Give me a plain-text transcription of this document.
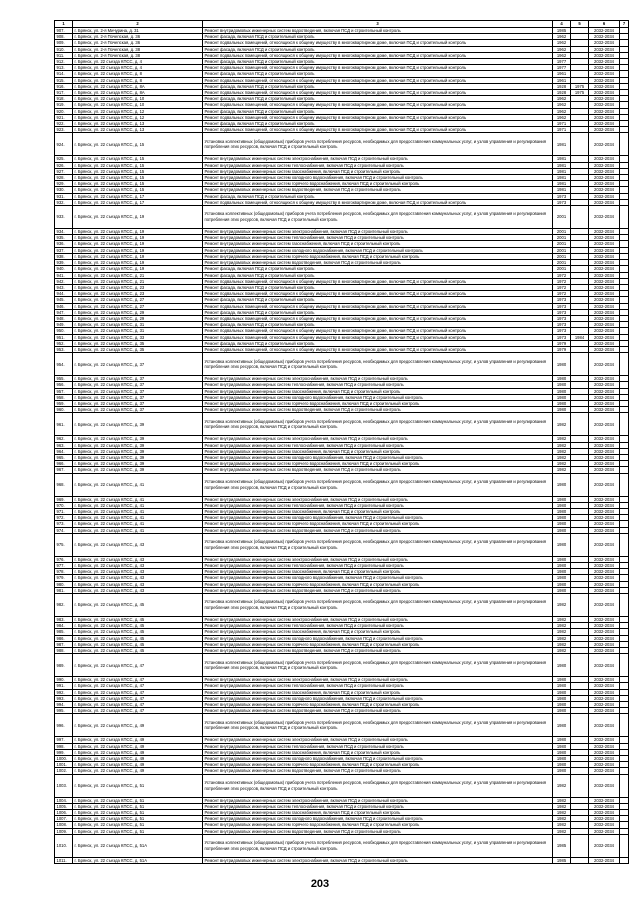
1	2	3	4	5	6	7
907.	г. Брянск, ул. 2-я Мичурина, д. 31	Ремонт внутридомовых инженерных систем водоотведения, включая ПСД и строительный контроль	1985		2032-2034	
908.	г. Брянск, ул. 2-я Почепская, д. 36	Ремонт фасада, включая ПСД и строительный контроль	1962		2032-2034	
909.	г. Брянск, ул. 2-я Почепская, д. 36	Ремонт подвальных помещений, относящихся к общему имуществу в многоквартирном доме, включая ПСД и строительный контроль	1962		2032-2034	
910.	г. Брянск, ул. 2-я Почепская, д. 38	Ремонт фасада, включая ПСД и строительный контроль	1962		2032-2034	
911.	г. Брянск, ул. 2-я Почепская, д. 38	Ремонт подвальных помещений, относящихся к общему имуществу в многоквартирном доме, включая ПСД и строительный контроль	1962		2032-2034	
912.	г. Брянск, ул. 22 съезда КПСС, д. 4	Ремонт фасада, включая ПСД и строительный контроль	1977		2032-2034	
913.	г. Брянск, ул. 22 съезда КПСС, д. 4	Ремонт подвальных помещений, относящихся к общему имуществу в многоквартирном доме, включая ПСД и строительный контроль	1977		2032-2034	
914.	г. Брянск, ул. 22 съезда КПСС, д. 8	Ремонт фасада, включая ПСД и строительный контроль	1961		2032-2034	
915.	г. Брянск, ул. 22 съезда КПСС, д. 8	Ремонт подвальных помещений, относящихся к общему имуществу в многоквартирном доме, включая ПСД и строительный контроль	1961		2032-2034	
916.	г. Брянск, ул. 22 съезда КПСС, д. 8А	Ремонт фасада, включая ПСД и строительный контроль	1928	1975	2032-2034	
917.	г. Брянск, ул. 22 съезда КПСС, д. 8А	Ремонт подвальных помещений, относящихся к общему имуществу в многоквартирном доме, включая ПСД и строительный контроль	1928	1975	2032-2034	
918.	г. Брянск, ул. 22 съезда КПСС, д. 10	Ремонт фасада, включая ПСД и строительный контроль	1962		2032-2034	
919.	г. Брянск, ул. 22 съезда КПСС, д. 10	Ремонт подвальных помещений, относящихся к общему имуществу в многоквартирном доме, включая ПСД и строительный контроль	1962		2032-2034	
920.	г. Брянск, ул. 22 съезда КПСС, д. 12	Ремонт фасада, включая ПСД и строительный контроль	1962		2032-2034	
921.	г. Брянск, ул. 22 съезда КПСС, д. 12	Ремонт подвальных помещений, относящихся к общему имуществу в многоквартирном доме, включая ПСД и строительный контроль	1962		2032-2034	
922.	г. Брянск, ул. 22 съезда КПСС, д. 13	Ремонт фасада, включая ПСД и строительный контроль	1971		2032-2034	
923.	г. Брянск, ул. 22 съезда КПСС, д. 13	Ремонт подвальных помещений, относящихся к общему имуществу в многоквартирном доме, включая ПСД и строительный контроль	1971		2032-2034	
924.	г. Брянск, ул. 22 съезда КПСС, д. 15	Установка коллективных (общедомовых) приборов учета потребления ресурсов, необходимых для предоставления коммунальных услуг, и узлов управления и регулирования потребления этих ресурсов, включая ПСД и строительный контроль	1981		2032-2034	
925.	г. Брянск, ул. 22 съезда КПСС, д. 15	Ремонт внутридомовых инженерных систем электроснабжения, включая ПСД и строительный контроль	1981		2032-2034	
926.	г. Брянск, ул. 22 съезда КПСС, д. 15	Ремонт внутридомовых инженерных систем теплоснабжения, включая ПСД и строительный контроль	1981		2032-2034	
927.	г. Брянск, ул. 22 съезда КПСС, д. 15	Ремонт внутридомовых инженерных систем газоснабжения, включая ПСД и строительный контроль	1981		2032-2034	
928.	г. Брянск, ул. 22 съезда КПСС, д. 15	Ремонт внутридомовых инженерных систем холодного водоснабжения, включая ПСД и строительный контроль	1981		2032-2034	
929.	г. Брянск, ул. 22 съезда КПСС, д. 15	Ремонт внутридомовых инженерных систем горячего водоснабжения, включая ПСД и строительный контроль	1981		2032-2034	
930.	г. Брянск, ул. 22 съезда КПСС, д. 15	Ремонт внутридомовых инженерных систем водоотведения, включая ПСД и строительный контроль	1981		2032-2034	
931.	г. Брянск, ул. 22 съезда КПСС, д. 17	Ремонт фасада, включая ПСД и строительный контроль	1973		2032-2034	
932.	г. Брянск, ул. 22 съезда КПСС, д. 17	Ремонт подвальных помещений, относящихся к общему имуществу в многоквартирном доме, включая ПСД и строительный контроль	1973		2032-2034	
933.	г. Брянск, ул. 22 съезда КПСС, д. 19	Установка коллективных (общедомовых) приборов учета потребления ресурсов, необходимых для предоставления коммунальных услуг, и узлов управления и регулирования потребления этих ресурсов, включая ПСД и строительный контроль	2001		2032-2034	
934.	г. Брянск, ул. 22 съезда КПСС, д. 19	Ремонт внутридомовых инженерных систем электроснабжения, включая ПСД и строительный контроль	2001		2032-2034	
935.	г. Брянск, ул. 22 съезда КПСС, д. 19	Ремонт внутридомовых инженерных систем теплоснабжения, включая ПСД и строительный контроль	2001		2032-2034	
936.	г. Брянск, ул. 22 съезда КПСС, д. 19	Ремонт внутридомовых инженерных систем газоснабжения, включая ПСД и строительный контроль	2001		2032-2034	
937.	г. Брянск, ул. 22 съезда КПСС, д. 19	Ремонт внутридомовых инженерных систем холодного водоснабжения, включая ПСД и строительный контроль	2001		2032-2034	
938.	г. Брянск, ул. 22 съезда КПСС, д. 19	Ремонт внутридомовых инженерных систем горячего водоснабжения, включая ПСД и строительный контроль	2001		2032-2034	
939.	г. Брянск, ул. 22 съезда КПСС, д. 19	Ремонт внутридомовых инженерных систем водоотведения, включая ПСД и строительный контроль	2001		2032-2034	
940.	г. Брянск, ул. 22 съезда КПСС, д. 19	Ремонт фасада, включая ПСД и строительный контроль	2001		2032-2034	
941.	г. Брянск, ул. 22 съезда КПСС, д. 21	Ремонт фасада, включая ПСД и строительный контроль	1972		2032-2034	
942.	г. Брянск, ул. 22 съезда КПСС, д. 21	Ремонт подвальных помещений, относящихся к общему имуществу в многоквартирном доме, включая ПСД и строительный контроль	1972		2032-2034	
943.	г. Брянск, ул. 22 съезда КПСС, д. 23	Ремонт фасада, включая ПСД и строительный контроль	1972		2032-2034	
944.	г. Брянск, ул. 22 съезда КПСС, д. 23	Ремонт подвальных помещений, относящихся к общему имуществу в многоквартирном доме, включая ПСД и строительный контроль	1972		2032-2034	
945.	г. Брянск, ул. 22 съезда КПСС, д. 27	Ремонт фасада, включая ПСД и строительный контроль	1973		2032-2034	
946.	г. Брянск, ул. 22 съезда КПСС, д. 27	Ремонт подвальных помещений, относящихся к общему имуществу в многоквартирном доме, включая ПСД и строительный контроль	1973		2032-2034	
947.	г. Брянск, ул. 22 съезда КПСС, д. 29	Ремонт фасада, включая ПСД и строительный контроль	1973		2032-2034	
948.	г. Брянск, ул. 22 съезда КПСС, д. 29	Ремонт подвальных помещений, относящихся к общему имуществу в многоквартирном доме, включая ПСД и строительный контроль	1973		2032-2034	
949.	г. Брянск, ул. 22 съезда КПСС, д. 31	Ремонт фасада, включая ПСД и строительный контроль	1973		2032-2034	
950.	г. Брянск, ул. 22 съезда КПСС, д. 31	Ремонт подвальных помещений, относящихся к общему имуществу в многоквартирном доме, включая ПСД и строительный контроль	1973		2032-2034	
951.	г. Брянск, ул. 22 съезда КПСС, д. 33	Ремонт подвальных помещений, относящихся к общему имуществу в многоквартирном доме, включая ПСД и строительный контроль	1973	1984	2032-2034	
952.	г. Брянск, ул. 22 съезда КПСС, д. 35	Ремонт фасада, включая ПСД и строительный контроль	1979		2032-2034	
953.	г. Брянск, ул. 22 съезда КПСС, д. 35	Ремонт подвальных помещений, относящихся к общему имуществу в многоквартирном доме, включая ПСД и строительный контроль	1979		2032-2034	
954.	г. Брянск, ул. 22 съезда КПСС, д. 37	Установка коллективных (общедомовых) приборов учета потребления ресурсов, необходимых для предоставления коммунальных услуг, и узлов управления и регулирования потребления этих ресурсов, включая ПСД и строительный контроль	1980		2032-2034	
955.	г. Брянск, ул. 22 съезда КПСС, д. 37	Ремонт внутридомовых инженерных систем электроснабжения, включая ПСД и строительный контроль	1980		2032-2034	
956.	г. Брянск, ул. 22 съезда КПСС, д. 37	Ремонт внутридомовых инженерных систем теплоснабжения, включая ПСД и строительный контроль	1980		2032-2034	
957.	г. Брянск, ул. 22 съезда КПСС, д. 37	Ремонт внутридомовых инженерных систем газоснабжения, включая ПСД и строительный контроль	1980		2032-2034	
958.	г. Брянск, ул. 22 съезда КПСС, д. 37	Ремонт внутридомовых инженерных систем холодного водоснабжения, включая ПСД и строительный контроль	1980		2032-2034	
959.	г. Брянск, ул. 22 съезда КПСС, д. 37	Ремонт внутридомовых инженерных систем горячего водоснабжения, включая ПСД и строительный контроль	1980		2032-2034	
960.	г. Брянск, ул. 22 съезда КПСС, д. 37	Ремонт внутридомовых инженерных систем водоотведения, включая ПСД и строительный контроль	1980		2032-2034	
961.	г. Брянск, ул. 22 съезда КПСС, д. 39	Установка коллективных (общедомовых) приборов учета потребления ресурсов, необходимых для предоставления коммунальных услуг, и узлов управления и регулирования потребления этих ресурсов, включая ПСД и строительный контроль	1982		2032-2034	
962.	г. Брянск, ул. 22 съезда КПСС, д. 39	Ремонт внутридомовых инженерных систем электроснабжения, включая ПСД и строительный контроль	1982		2032-2034	
963.	г. Брянск, ул. 22 съезда КПСС, д. 39	Ремонт внутридомовых инженерных систем теплоснабжения, включая ПСД и строительный контроль	1982		2032-2034	
964.	г. Брянск, ул. 22 съезда КПСС, д. 39	Ремонт внутридомовых инженерных систем газоснабжения, включая ПСД и строительный контроль	1982		2032-2034	
965.	г. Брянск, ул. 22 съезда КПСС, д. 39	Ремонт внутридомовых инженерных систем холодного водоснабжения, включая ПСД и строительный контроль	1982		2032-2034	
966.	г. Брянск, ул. 22 съезда КПСС, д. 39	Ремонт внутридомовых инженерных систем горячего водоснабжения, включая ПСД и строительный контроль	1982		2032-2034	
967.	г. Брянск, ул. 22 съезда КПСС, д. 39	Ремонт внутридомовых инженерных систем водоотведения, включая ПСД и строительный контроль	1982		2032-2034	
968.	г. Брянск, ул. 22 съезда КПСС, д. 41	Установка коллективных (общедомовых) приборов учета потребления ресурсов, необходимых для предоставления коммунальных услуг, и узлов управления и регулирования потребления этих ресурсов, включая ПСД и строительный контроль	1980		2032-2034	
969.	г. Брянск, ул. 22 съезда КПСС, д. 41	Ремонт внутридомовых инженерных систем электроснабжения, включая ПСД и строительный контроль	1980		2032-2034	
970.	г. Брянск, ул. 22 съезда КПСС, д. 41	Ремонт внутридомовых инженерных систем теплоснабжения, включая ПСД и строительный контроль	1980		2032-2034	
971.	г. Брянск, ул. 22 съезда КПСС, д. 41	Ремонт внутридомовых инженерных систем газоснабжения, включая ПСД и строительный контроль	1980		2032-2034	
972.	г. Брянск, ул. 22 съезда КПСС, д. 41	Ремонт внутридомовых инженерных систем холодного водоснабжения, включая ПСД и строительный контроль	1980		2032-2034	
973.	г. Брянск, ул. 22 съезда КПСС, д. 41	Ремонт внутридомовых инженерных систем горячего водоснабжения, включая ПСД и строительный контроль	1980		2032-2034	
974.	г. Брянск, ул. 22 съезда КПСС, д. 41	Ремонт внутридомовых инженерных систем водоотведения, включая ПСД и строительный контроль	1980		2032-2034	
975.	г. Брянск, ул. 22 съезда КПСС, д. 43	Установка коллективных (общедомовых) приборов учета потребления ресурсов, необходимых для предоставления коммунальных услуг, и узлов управления и регулирования потребления этих ресурсов, включая ПСД и строительный контроль	1980		2032-2034	
976.	г. Брянск, ул. 22 съезда КПСС, д. 43	Ремонт внутридомовых инженерных систем электроснабжения, включая ПСД и строительный контроль	1980		2032-2034	
977.	г. Брянск, ул. 22 съезда КПСС, д. 43	Ремонт внутридомовых инженерных систем теплоснабжения, включая ПСД и строительный контроль	1980		2032-2034	
978.	г. Брянск, ул. 22 съезда КПСС, д. 43	Ремонт внутридомовых инженерных систем газоснабжения, включая ПСД и строительный контроль	1980		2032-2034	
979.	г. Брянск, ул. 22 съезда КПСС, д. 43	Ремонт внутридомовых инженерных систем холодного водоснабжения, включая ПСД и строительный контроль	1980		2032-2034	
980.	г. Брянск, ул. 22 съезда КПСС, д. 43	Ремонт внутридомовых инженерных систем горячего водоснабжения, включая ПСД и строительный контроль	1980		2032-2034	
981.	г. Брянск, ул. 22 съезда КПСС, д. 43	Ремонт внутридомовых инженерных систем водоотведения, включая ПСД и строительный контроль	1980		2032-2034	
982.	г. Брянск, ул. 22 съезда КПСС, д. 45	Установка коллективных (общедомовых) приборов учета потребления ресурсов, необходимых для предоставления коммунальных услуг, и узлов управления и регулирования потребления этих ресурсов, включая ПСД и строительный контроль	1982		2032-2034	
983.	г. Брянск, ул. 22 съезда КПСС, д. 45	Ремонт внутридомовых инженерных систем электроснабжения, включая ПСД и строительный контроль	1982		2032-2034	
984.	г. Брянск, ул. 22 съезда КПСС, д. 45	Ремонт внутридомовых инженерных систем теплоснабжения, включая ПСД и строительный контроль	1982		2032-2034	
985.	г. Брянск, ул. 22 съезда КПСС, д. 45	Ремонт внутридомовых инженерных систем газоснабжения, включая ПСД и строительный контроль	1982		2032-2034	
986.	г. Брянск, ул. 22 съезда КПСС, д. 45	Ремонт внутридомовых инженерных систем холодного водоснабжения, включая ПСД и строительный контроль	1982		2032-2034	
987.	г. Брянск, ул. 22 съезда КПСС, д. 45	Ремонт внутридомовых инженерных систем горячего водоснабжения, включая ПСД и строительный контроль	1982		2032-2034	
988.	г. Брянск, ул. 22 съезда КПСС, д. 45	Ремонт внутридомовых инженерных систем водоотведения, включая ПСД и строительный контроль	1982		2032-2034	
989.	г. Брянск, ул. 22 съезда КПСС, д. 47	Установка коллективных (общедомовых) приборов учета потребления ресурсов, необходимых для предоставления коммунальных услуг, и узлов управления и регулирования потребления этих ресурсов, включая ПСД и строительный контроль	1980		2032-2034	
990.	г. Брянск, ул. 22 съезда КПСС, д. 47	Ремонт внутридомовых инженерных систем электроснабжения, включая ПСД и строительный контроль	1980		2032-2034	
991.	г. Брянск, ул. 22 съезда КПСС, д. 47	Ремонт внутридомовых инженерных систем теплоснабжения, включая ПСД и строительный контроль	1980		2032-2034	
992.	г. Брянск, ул. 22 съезда КПСС, д. 47	Ремонт внутридомовых инженерных систем газоснабжения, включая ПСД и строительный контроль	1980		2032-2034	
993.	г. Брянск, ул. 22 съезда КПСС, д. 47	Ремонт внутридомовых инженерных систем холодного водоснабжения, включая ПСД и строительный контроль	1980		2032-2034	
994.	г. Брянск, ул. 22 съезда КПСС, д. 47	Ремонт внутридомовых инженерных систем горячего водоснабжения, включая ПСД и строительный контроль	1980		2032-2034	
995.	г. Брянск, ул. 22 съезда КПСС, д. 47	Ремонт внутридомовых инженерных систем водоотведения, включая ПСД и строительный контроль	1980		2032-2034	
996.	г. Брянск, ул. 22 съезда КПСС, д. 49	Установка коллективных (общедомовых) приборов учета потребления ресурсов, необходимых для предоставления коммунальных услуг, и узлов управления и регулирования потребления этих ресурсов, включая ПСД и строительный контроль	1980		2032-2034	
997.	г. Брянск, ул. 22 съезда КПСС, д. 49	Ремонт внутридомовых инженерных систем электроснабжения, включая ПСД и строительный контроль	1980		2032-2034	
998.	г. Брянск, ул. 22 съезда КПСС, д. 49	Ремонт внутридомовых инженерных систем теплоснабжения, включая ПСД и строительный контроль	1980		2032-2034	
999.	г. Брянск, ул. 22 съезда КПСС, д. 49	Ремонт внутридомовых инженерных систем газоснабжения, включая ПСД и строительный контроль	1980		2032-2034	
1000.	г. Брянск, ул. 22 съезда КПСС, д. 49	Ремонт внутридомовых инженерных систем холодного водоснабжения, включая ПСД и строительный контроль	1980		2032-2034	
1001.	г. Брянск, ул. 22 съезда КПСС, д. 49	Ремонт внутридомовых инженерных систем горячего водоснабжения, включая ПСД и строительный контроль	1980		2032-2034	
1002.	г. Брянск, ул. 22 съезда КПСС, д. 49	Ремонт внутридомовых инженерных систем водоотведения, включая ПСД и строительный контроль	1980		2032-2034	
1003.	г. Брянск, ул. 22 съезда КПСС, д. 51	Установка коллективных (общедомовых) приборов учета потребления ресурсов, необходимых для предоставления коммунальных услуг, и узлов управления и регулирования потребления этих ресурсов, включая ПСД и строительный контроль	1982		2032-2034	
1004.	г. Брянск, ул. 22 съезда КПСС, д. 51	Ремонт внутридомовых инженерных систем электроснабжения, включая ПСД и строительный контроль	1982		2032-2034	
1005.	г. Брянск, ул. 22 съезда КПСС, д. 51	Ремонт внутридомовых инженерных систем теплоснабжения, включая ПСД и строительный контроль	1982		2032-2034	
1006.	г. Брянск, ул. 22 съезда КПСС, д. 51	Ремонт внутридомовых инженерных систем газоснабжения, включая ПСД и строительный контроль	1982		2032-2034	
1007.	г. Брянск, ул. 22 съезда КПСС, д. 51	Ремонт внутридомовых инженерных систем холодного водоснабжения, включая ПСД и строительный контроль	1982		2032-2034	
1008.	г. Брянск, ул. 22 съезда КПСС, д. 51	Ремонт внутридомовых инженерных систем горячего водоснабжения, включая ПСД и строительный контроль	1982		2032-2034	
1009.	г. Брянск, ул. 22 съезда КПСС, д. 51	Ремонт внутридомовых инженерных систем водоотведения, включая ПСД и строительный контроль	1982		2032-2034	
1010.	г. Брянск, ул. 22 съезда КПСС, д. 51А	Установка коллективных (общедомовых) приборов учета потребления ресурсов, необходимых для предоставления коммунальных услуг, и узлов управления и регулирования потребления этих ресурсов, включая ПСД и строительный контроль	1985		2032-2034	
1011.	г. Брянск, ул. 22 съезда КПСС, д. 51А	Ремонт внутридомовых инженерных систем электроснабжения, включая ПСД и строительный контроль	1985		2032-2034	
203
